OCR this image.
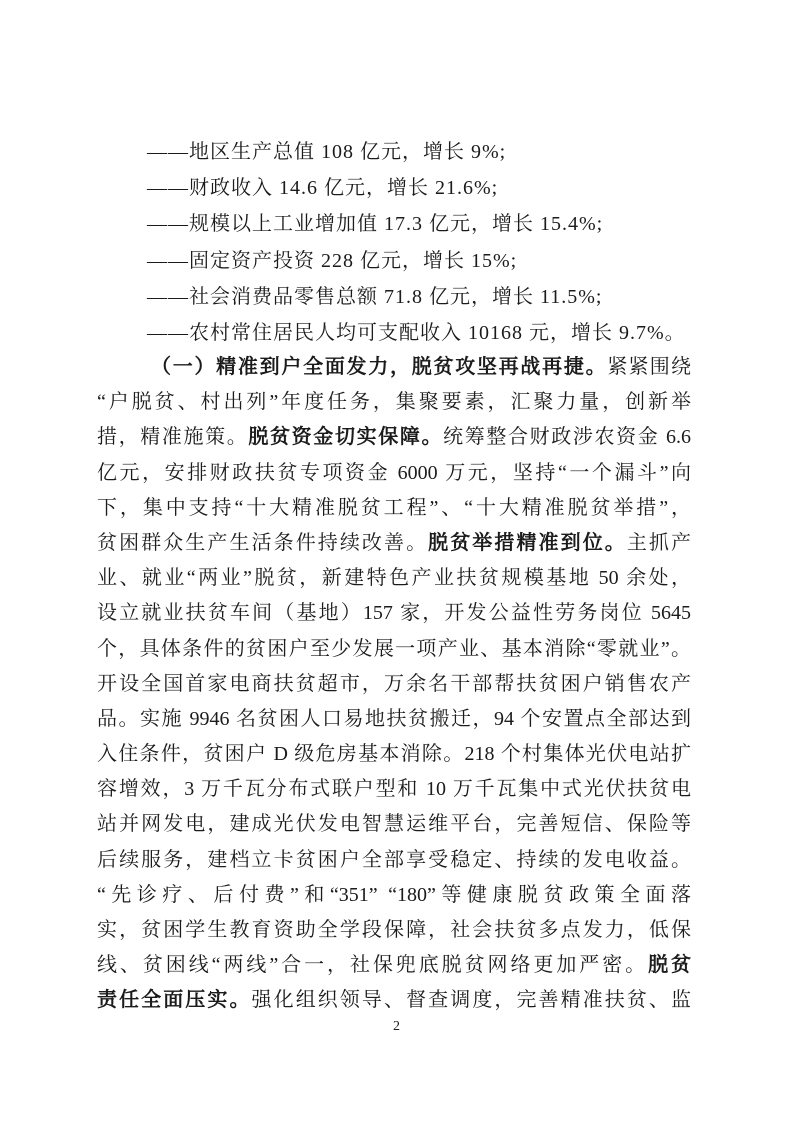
——地区生产总值 108 亿元，增长 9%;
——财政收入 14.6 亿元，增长 21.6%;
——规模以上工业增加值 17.3 亿元，增长 15.4%;
——固定资产投资 228 亿元，增长 15%;
——社会消费品零售总额 71.8 亿元，增长 11.5%;
——农村常住居民人均可支配收入 10168 元，增长 9.7%。
（一）精准到户全面发力，脱贫攻坚再战再捷。紧紧围绕
“户脱贫、村出列”年度任务，集聚要素，汇聚力量，创新举
措，精准施策。脱贫资金切实保障。统筹整合财政涉农资金 6.6
亿元，安排财政扶贫专项资金 6000 万元，坚持“一个漏斗”向
下，集中支持“十大精准脱贫工程”、“十大精准脱贫举措”，
贫困群众生产生活条件持续改善。脱贫举措精准到位。主抓产
业、就业“两业”脱贫，新建特色产业扶贫规模基地 50 余处，
设立就业扶贫车间（基地）157 家，开发公益性劳务岗位 5645
个，具体条件的贫困户至少发展一项产业、基本消除“零就业”。
开设全国首家电商扶贫超市，万余名干部帮扶贫困户销售农产
品。实施 9946 名贫困人口易地扶贫搬迁，94 个安置点全部达到
入住条件，贫困户 D 级危房基本消除。218 个村集体光伏电站扩
容增效，3 万千瓦分布式联户型和 10 万千瓦集中式光伏扶贫电
站并网发电，建成光伏发电智慧运维平台，完善短信、保险等
后续服务，建档立卡贫困户全部享受稳定、持续的发电收益。
“先诊疗、后付费”和“351” “180”等健康脱贫政策全面落
实，贫困学生教育资助全学段保障，社会扶贫多点发力，低保
线、贫困线“两线”合一，社保兜底脱贫网络更加严密。脱贫
责任全面压实。强化组织领导、督查调度，完善精准扶贫、监
2
